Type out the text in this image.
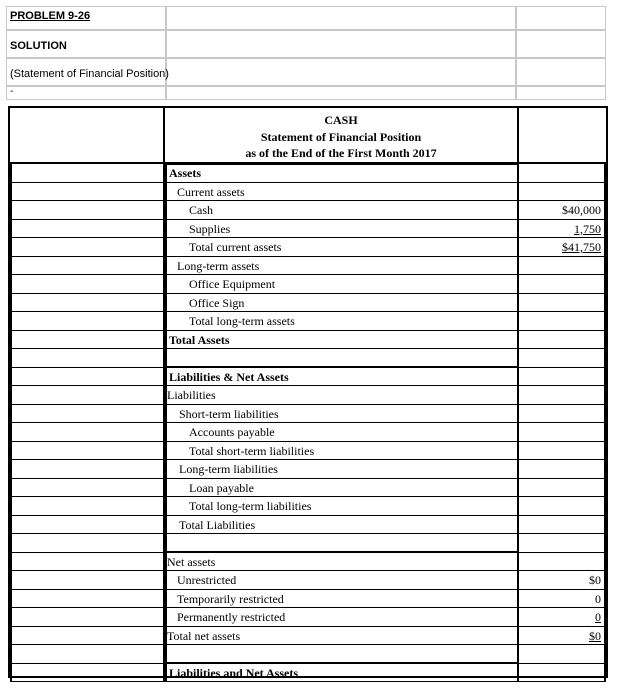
PROBLEM 9-26
SOLUTION
(Statement of Financial Position)
-
CASH
Statement of Financial Position
as of the End of the First Month 2017
Assets
Current assets
Cash	$40,000
Supplies	1,750
Total current assets	$41,750
Long-term assets
Office Equipment
Office Sign
Total long-term assets
Total Assets
Liabilities & Net Assets
Liabilities
Short-term liabilities
Accounts payable
Total short-term liabilities
Long-term liabilities
Loan payable
Total long-term liabilities
Total Liabilities
Net assets
Unrestricted	$0
Temporarily restricted	0
Permanently restricted	0
Total net assets	$0
Liabilities and Net Assets
